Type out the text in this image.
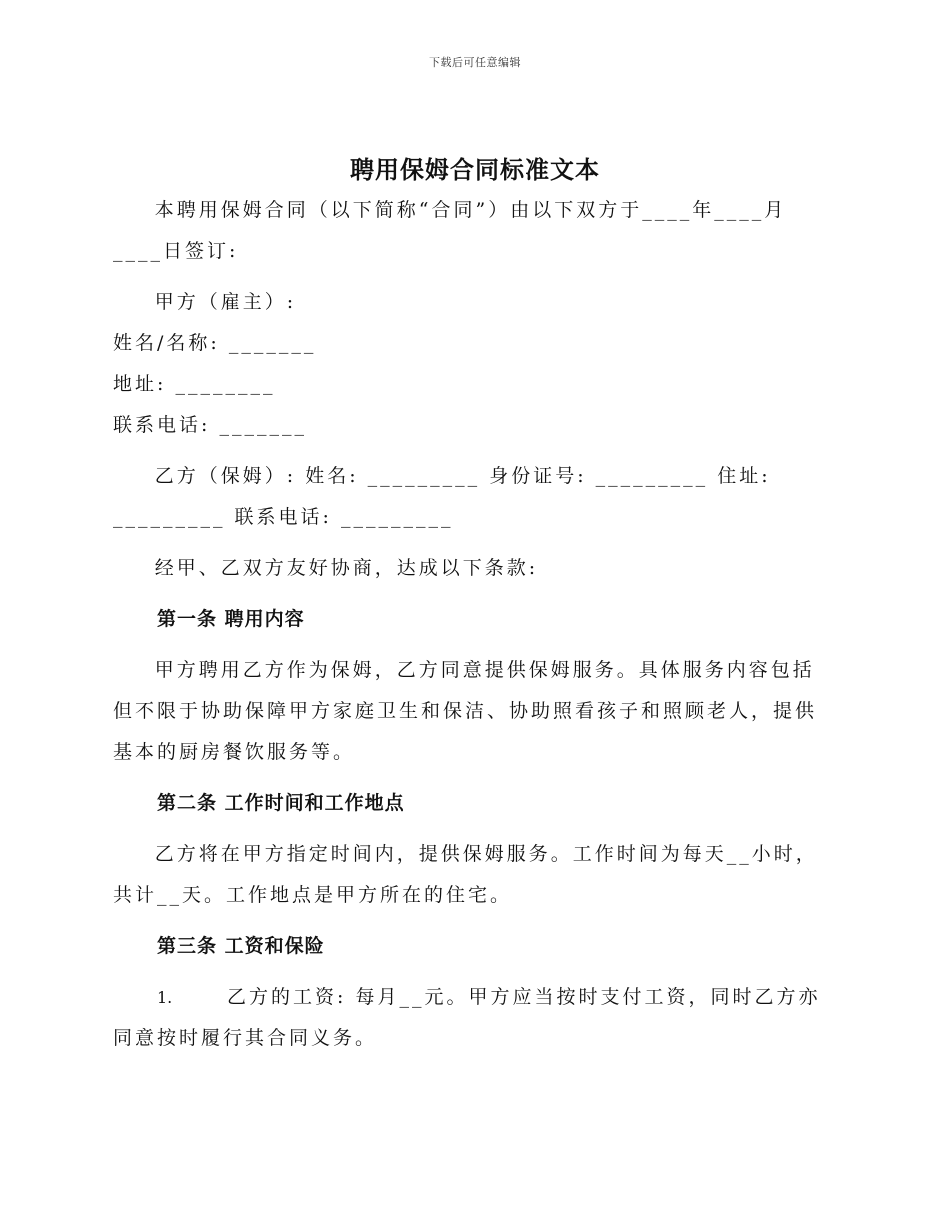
下载后可任意编辑
聘用保姆合同标准文本

本聘用保姆合同（以下简称“合同”）由以下双方于____年____月____日签订:

甲方（雇主）:

姓名/名称: _______

地址: ________

联系电话: _______

乙方（保姆）: 姓名: _________ 身份证号: _________ 住址: _________ 联系电话: _________

经甲、乙双方友好协商，达成以下条款:

第一条 聘用内容

甲方聘用乙方作为保姆，乙方同意提供保姆服务。具体服务内容包括但不限于协助保障甲方家庭卫生和保洁、协助照看孩子和照顾老人，提供基本的厨房餐饮服务等。

第二条 工作时间和工作地点

乙方将在甲方指定时间内，提供保姆服务。工作时间为每天__小时，共计__天。工作地点是甲方所在的住宅。

第三条 工资和保险

1.	乙方的工资: 每月__元。甲方应当按时支付工资，同时乙方亦同意按时履行其合同义务。
